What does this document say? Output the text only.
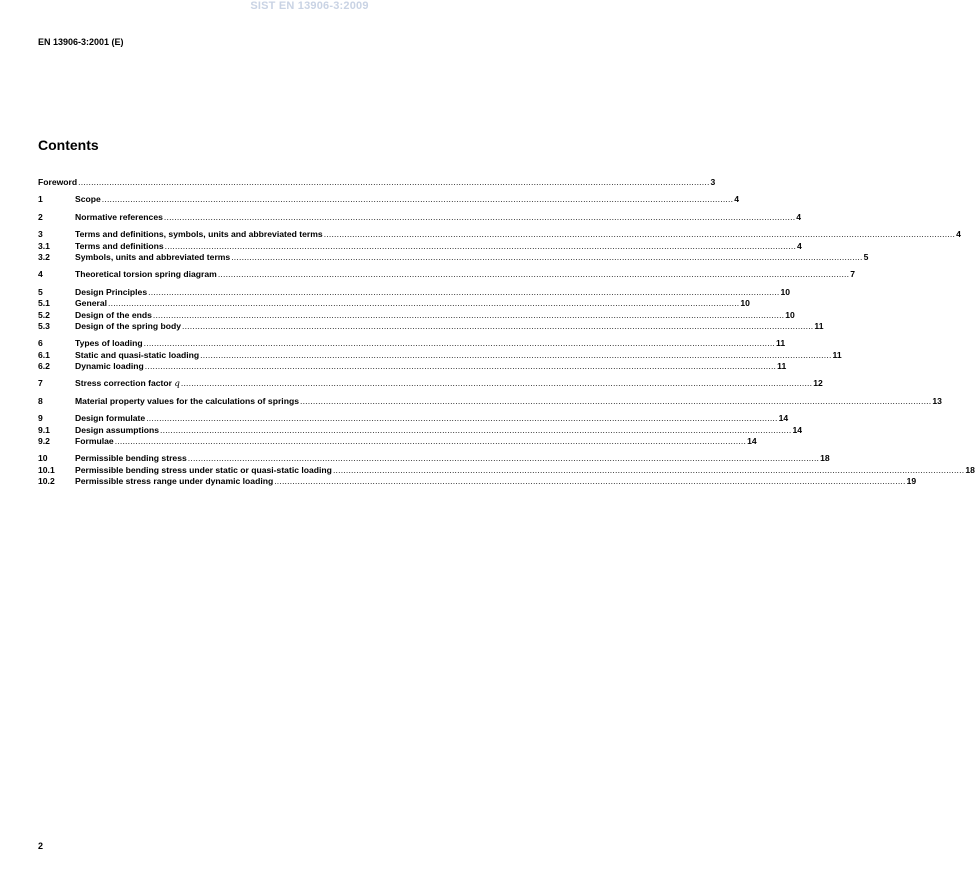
SIST EN 13906-3:2009
EN 13906-3:2001 (E)
Contents
Foreword .................................................................................................................................................................................................................................................... 3
1	Scope .................................................................................................................................................................................................................................................... 4
2	Normative references .................................................................................................................................................................................................................................................... 4
3	Terms and definitions, symbols, units and abbreviated terms .................................................................................................................................................................................................................................................... 4
3.1	Terms and definitions .................................................................................................................................................................................................................................................... 4
3.2	Symbols, units and abbreviated terms .................................................................................................................................................................................................................................................... 5
4	Theoretical torsion spring diagram .................................................................................................................................................................................................................................................... 7
5	Design Principles .................................................................................................................................................................................................................................................... 10
5.1	General .................................................................................................................................................................................................................................................... 10
5.2	Design of the ends .................................................................................................................................................................................................................................................... 10
5.3	Design of the spring body .................................................................................................................................................................................................................................................... 11
6	Types of loading .................................................................................................................................................................................................................................................... 11
6.1	Static and quasi-static loading .................................................................................................................................................................................................................................................... 11
6.2	Dynamic loading .................................................................................................................................................................................................................................................... 11
7	Stress correction factor q .................................................................................................................................................................................................................................................... 12
8	Material property values for the calculations of springs .................................................................................................................................................................................................................................................... 13
9	Design formulate .................................................................................................................................................................................................................................................... 14
9.1	Design assumptions .................................................................................................................................................................................................................................................... 14
9.2	Formulae .................................................................................................................................................................................................................................................... 14
10	Permissible bending stress .................................................................................................................................................................................................................................................... 18
10.1	Permissible bending stress under static or quasi-static loading .................................................................................................................................................................................................................................................... 18
10.2	Permissible stress range under dynamic loading .................................................................................................................................................................................................................................................... 19
2
